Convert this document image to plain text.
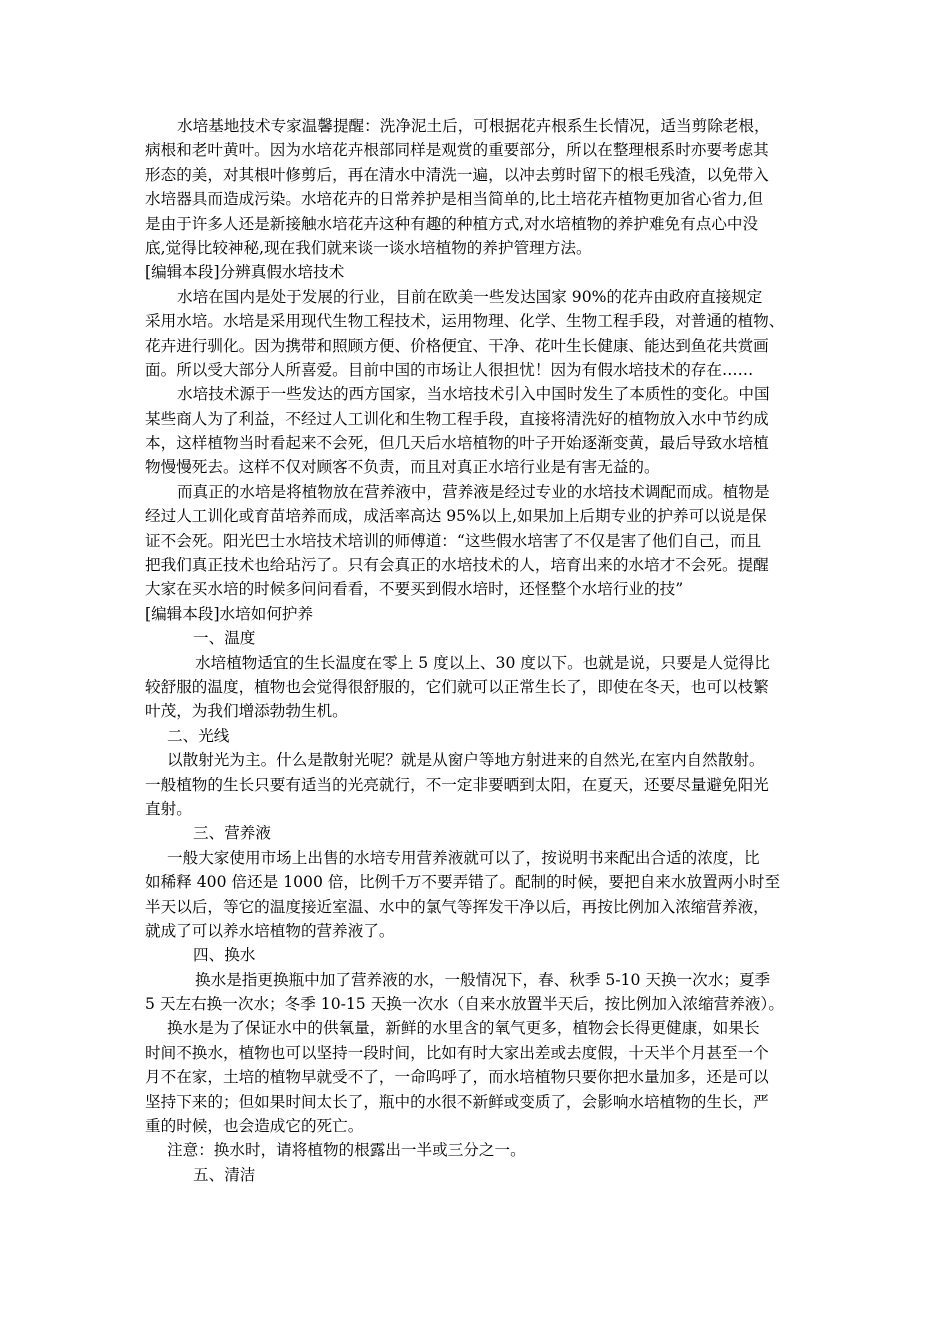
水培基地技术专家温馨提醒：洗净泥土后，可根据花卉根系生长情况，适当剪除老根，
病根和老叶黄叶。因为水培花卉根部同样是观赏的重要部分，所以在整理根系时亦要考虑其
形态的美，对其根叶修剪后，再在清水中清洗一遍，以冲去剪时留下的根毛残渣，以免带入
水培器具而造成污染。水培花卉的日常养护是相当简单的,比土培花卉植物更加省心省力,但
是由于许多人还是新接触水培花卉这种有趣的种植方式,对水培植物的养护难免有点心中没
底,觉得比较神秘,现在我们就来谈一谈水培植物的养护管理方法。
[编辑本段]分辨真假水培技术
水培在国内是处于发展的行业，目前在欧美一些发达国家 90%的花卉由政府直接规定
采用水培。水培是采用现代生物工程技术，运用物理、化学、生物工程手段，对普通的植物、
花卉进行驯化。因为携带和照顾方便、价格便宜、干净、花叶生长健康、能达到鱼花共赏画
面。所以受大部分人所喜爱。目前中国的市场让人很担忧！因为有假水培技术的存在……
水培技术源于一些发达的西方国家，当水培技术引入中国时发生了本质性的变化。中国
某些商人为了利益，不经过人工训化和生物工程手段，直接将清洗好的植物放入水中节约成
本，这样植物当时看起来不会死，但几天后水培植物的叶子开始逐渐变黄，最后导致水培植
物慢慢死去。这样不仅对顾客不负责，而且对真正水培行业是有害无益的。
而真正的水培是将植物放在营养液中，营养液是经过专业的水培技术调配而成。植物是
经过人工训化或育苗培养而成，成活率高达 95%以上,如果加上后期专业的护养可以说是保
证不会死。阳光巴士水培技术培训的师傅道：“这些假水培害了不仅是害了他们自己，而且
把我们真正技术也给玷污了。只有会真正的水培技术的人，培育出来的水培才不会死。提醒
大家在买水培的时候多问问看看，不要买到假水培时，还怪整个水培行业的技”
[编辑本段]水培如何护养
一、温度
水培植物适宜的生长温度在零上 5 度以上、30 度以下。也就是说，只要是人觉得比
较舒服的温度，植物也会觉得很舒服的，它们就可以正常生长了，即使在冬天，也可以枝繁
叶茂，为我们增添勃勃生机。
二、光线
以散射光为主。什么是散射光呢？就是从窗户等地方射进来的自然光,在室内自然散射。
一般植物的生长只要有适当的光亮就行，不一定非要晒到太阳，在夏天，还要尽量避免阳光
直射。
三、营养液
一般大家使用市场上出售的水培专用营养液就可以了，按说明书来配出合适的浓度，比
如稀释 400 倍还是 1000 倍，比例千万不要弄错了。配制的时候，要把自来水放置两小时至
半天以后，等它的温度接近室温、水中的氯气等挥发干净以后，再按比例加入浓缩营养液，
就成了可以养水培植物的营养液了。
四、换水
换水是指更换瓶中加了营养液的水，一般情况下，春、秋季 5-10 天换一次水；夏季
5 天左右换一次水；冬季 10-15 天换一次水（自来水放置半天后，按比例加入浓缩营养液）。
换水是为了保证水中的供氧量，新鲜的水里含的氧气更多，植物会长得更健康，如果长
时间不换水，植物也可以坚持一段时间，比如有时大家出差或去度假，十天半个月甚至一个
月不在家，土培的植物早就受不了，一命呜呼了，而水培植物只要你把水量加多，还是可以
坚持下来的；但如果时间太长了，瓶中的水很不新鲜或变质了，会影响水培植物的生长，严
重的时候，也会造成它的死亡。
注意：换水时，请将植物的根露出一半或三分之一。
五、清洁
